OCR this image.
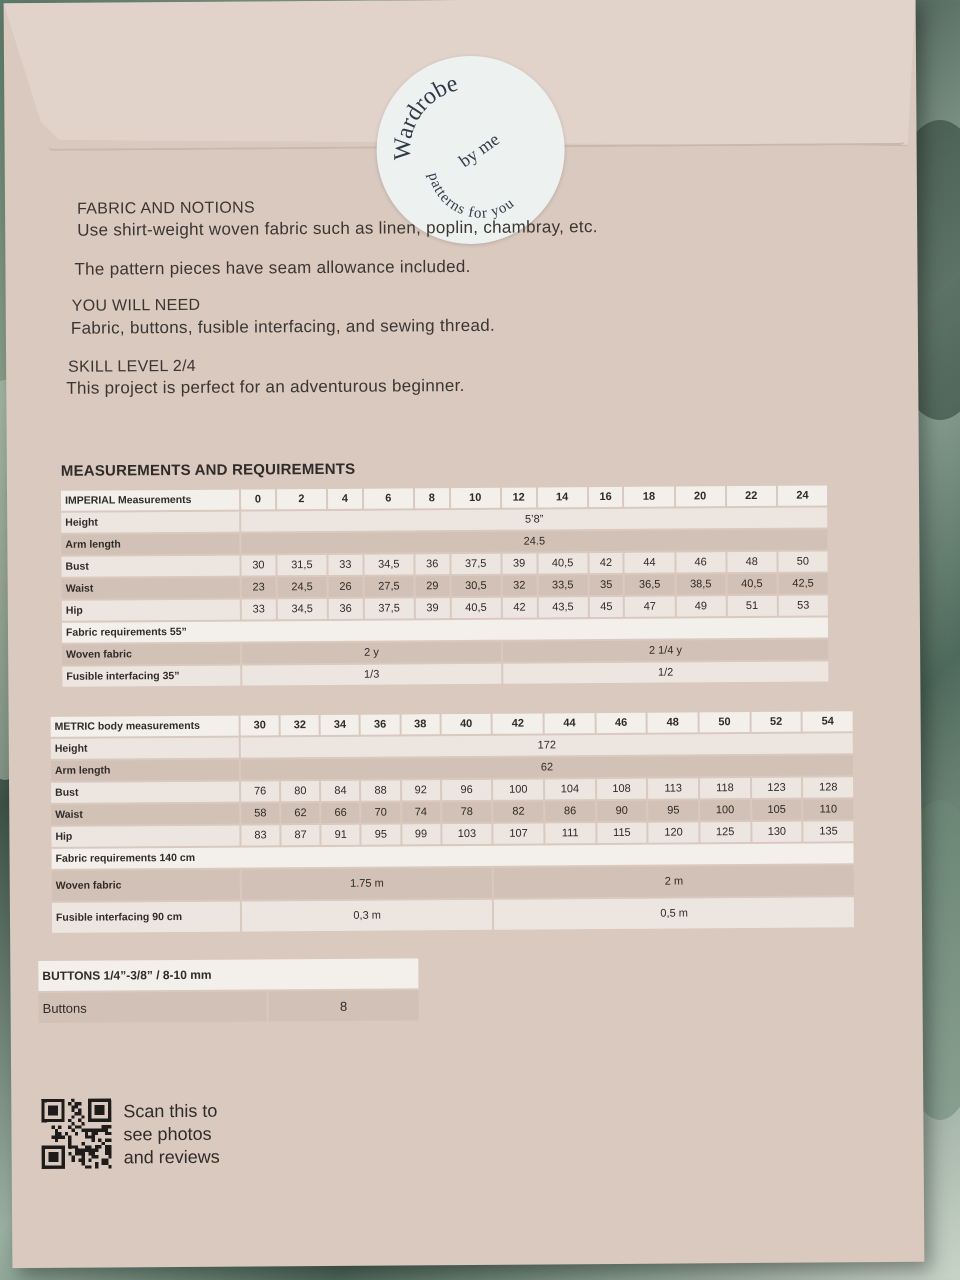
Wardrobe
by me
patterns for you
FABRIC AND NOTIONS
Use shirt-weight woven fabric such as linen, poplin, chambray, etc.
The pattern pieces have seam allowance included.
YOU WILL NEED
Fabric, buttons, fusible interfacing, and sewing thread.
SKILL LEVEL 2/4
This project is perfect for an adventurous beginner.
MEASUREMENTS AND REQUIREMENTS
IMPERIAL Measurements	0	2	4	6	8	10	12	14	16	18	20	22	24
Height	5’8”												
Arm length	24.5												
Bust	30	31,5	33	34,5	36	37,5	39	40,5	42	44	46	48	50
Waist	23	24,5	26	27,5	29	30,5	32	33,5	35	36,5	38,5	40,5	42,5
Hip	33	34,5	36	37,5	39	40,5	42	43,5	45	47	49	51	53
Fabric requirements 55”													
Woven fabric	2 y						2 1/4 y						
Fusible interfacing 35”	1/3						1/2						
METRIC body measurements	30	32	34	36	38	40	42	44	46	48	50	52	54
Height	172												
Arm length	62												
Bust	76	80	84	88	92	96	100	104	108	113	118	123	128
Waist	58	62	66	70	74	78	82	86	90	95	100	105	110
Hip	83	87	91	95	99	103	107	111	115	120	125	130	135
Fabric requirements 140 cm													
Woven fabric	1.75 m						2 m						
Fusible interfacing 90 cm	0,3 m						0,5 m						
BUTTONS 1/4”-3/8” / 8-10 mm
Buttons	8
Scan this to
see photos
and reviews
